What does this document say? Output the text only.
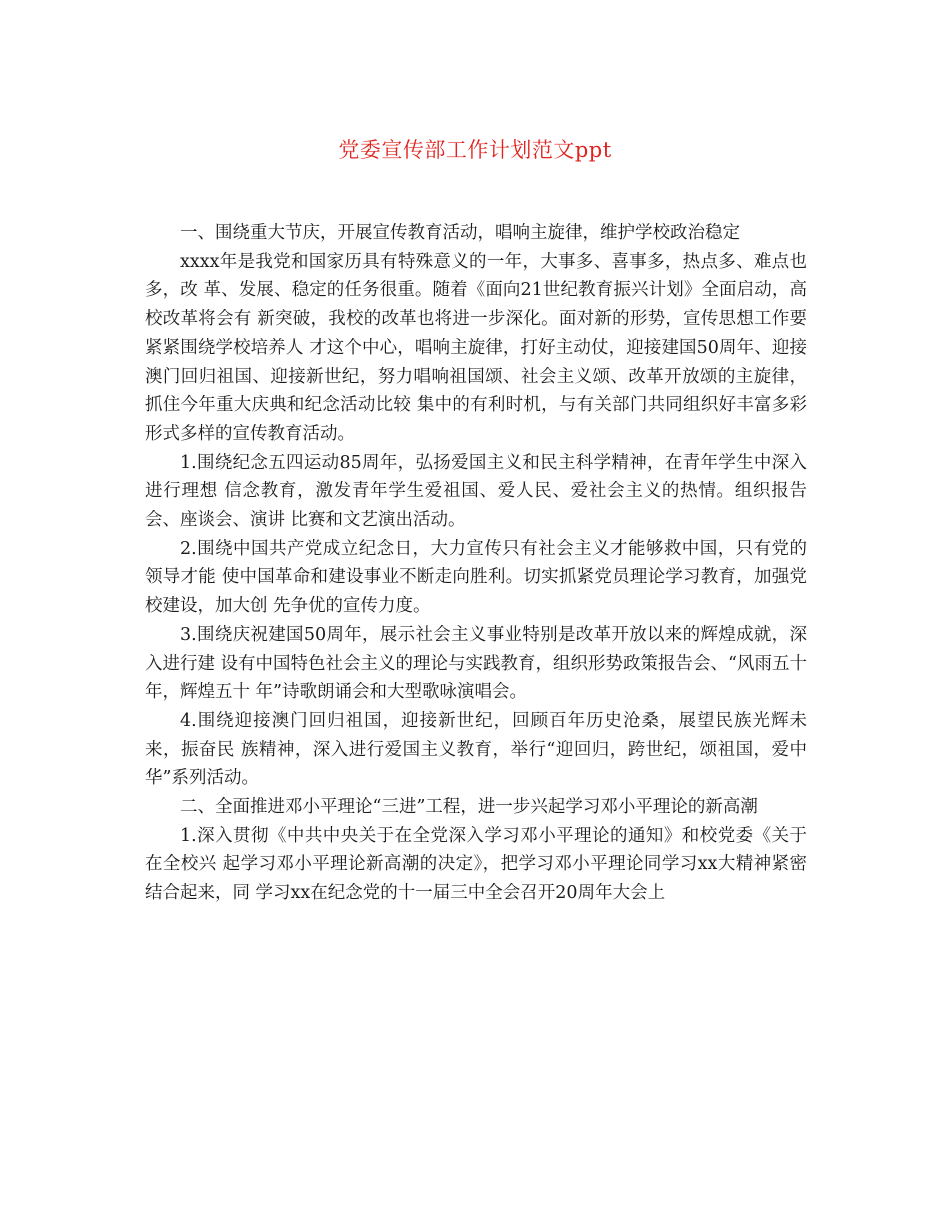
党委宣传部工作计划范文ppt

一、围绕重大节庆，开展宣传教育活动，唱响主旋律，维护学校政治稳定

xxxx年是我党和国家历具有特殊意义的一年，大事多、喜事多，热点多、难点也多，改 革、发展、稳定的任务很重。随着《面向21世纪教育振兴计划》全面启动，高校改革将会有 新突破，我校的改革也将进一步深化。面对新的形势，宣传思想工作要紧紧围绕学校培养人 才这个中心，唱响主旋律，打好主动仗，迎接建国50周年、迎接澳门回归祖国、迎接新世纪，努力唱响祖国颂、社会主义颂、改革开放颂的主旋律，抓住今年重大庆典和纪念活动比较 集中的有利时机，与有关部门共同组织好丰富多彩形式多样的宣传教育活动。

1.围绕纪念五四运动85周年，弘扬爱国主义和民主科学精神，在青年学生中深入进行理想 信念教育，激发青年学生爱祖国、爱人民、爱社会主义的热情。组织报告会、座谈会、演讲 比赛和文艺演出活动。

2.围绕中国共产党成立纪念日，大力宣传只有社会主义才能够救中国，只有党的领导才能 使中国革命和建设事业不断走向胜利。切实抓紧党员理论学习教育，加强党校建设，加大创 先争优的宣传力度。

3.围绕庆祝建国50周年，展示社会主义事业特别是改革开放以来的辉煌成就，深入进行建 设有中国特色社会主义的理论与实践教育，组织形势政策报告会、“风雨五十年，辉煌五十 年”诗歌朗诵会和大型歌咏演唱会。

4.围绕迎接澳门回归祖国，迎接新世纪，回顾百年历史沧桑，展望民族光辉未来，振奋民 族精神，深入进行爱国主义教育，举行“迎回归，跨世纪，颂祖国，爱中华”系列活动。

二、全面推进邓小平理论“三进”工程，进一步兴起学习邓小平理论的新高潮

1.深入贯彻《中共中央关于在全党深入学习邓小平理论的通知》和校党委《关于在全校兴 起学习邓小平理论新高潮的决定》，把学习邓小平理论同学习xx大精神紧密结合起来，同 学习xx在纪念党的十一届三中全会召开20周年大会上
